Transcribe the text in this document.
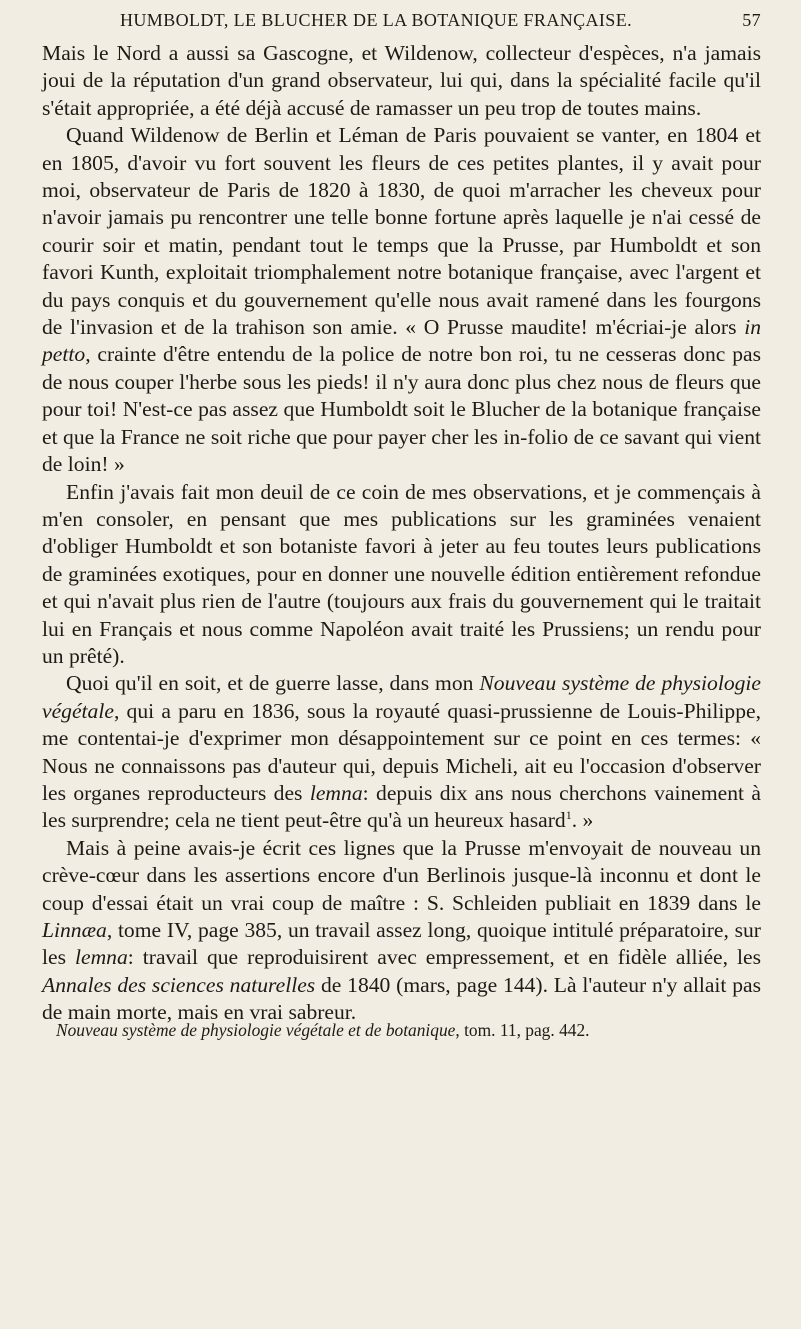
HUMBOLDT, LE BLUCHER DE LA BOTANIQUE FRANÇAISE.	57

Mais le Nord a aussi sa Gascogne, et Wildenow, collecteur d'espèces, n'a jamais joui de la réputation d'un grand observateur, lui qui, dans la spécialité facile qu'il s'était appropriée, a été déjà accusé de ramasser un peu trop de toutes mains.

Quand Wildenow de Berlin et Léman de Paris pouvaient se vanter, en 1804 et en 1805, d'avoir vu fort souvent les fleurs de ces petites plantes, il y avait pour moi, observateur de Paris de 1820 à 1830, de quoi m'arracher les cheveux pour n'avoir jamais pu rencontrer une telle bonne fortune après laquelle je n'ai cessé de courir soir et matin, pendant tout le temps que la Prusse, par Humboldt et son favori Kunth, exploitait triomphalement notre botanique française, avec l'argent et du pays conquis et du gouvernement qu'elle nous avait ramené dans les fourgons de l'invasion et de la trahison son amie. « O Prusse maudite! m'écriai-je alors in petto, crainte d'être entendu de la police de notre bon roi, tu ne cesseras donc pas de nous couper l'herbe sous les pieds! il n'y aura donc plus chez nous de fleurs que pour toi! N'est-ce pas assez que Humboldt soit le Blucher de la botanique française et que la France ne soit riche que pour payer cher les in-folio de ce savant qui vient de loin! »

Enfin j'avais fait mon deuil de ce coin de mes observations, et je commençais à m'en consoler, en pensant que mes publications sur les graminées venaient d'obliger Humboldt et son botaniste favori à jeter au feu toutes leurs publications de graminées exotiques, pour en donner une nouvelle édition entièrement refondue et qui n'avait plus rien de l'autre (toujours aux frais du gouvernement qui le traitait lui en Français et nous comme Napoléon avait traité les Prussiens; un rendu pour un prêté).

Quoi qu'il en soit, et de guerre lasse, dans mon Nouveau système de physiologie végétale, qui a paru en 1836, sous la royauté quasi-prussienne de Louis-Philippe, me contentai-je d'exprimer mon désappointement sur ce point en ces termes: « Nous ne connaissons pas d'auteur qui, depuis Micheli, ait eu l'occasion d'observer les organes reproducteurs des lemna: depuis dix ans nous cherchons vainement à les surprendre; cela ne tient peut-être qu'à un heureux hasard$^1$. »

Mais à peine avais-je écrit ces lignes que la Prusse m'envoyait de nouveau un crève-cœur dans les assertions encore d'un Berlinois jusque-là inconnu et dont le coup d'essai était un vrai coup de maître : S. Schleiden publiait en 1839 dans le Linnæa, tome IV, page 385, un travail assez long, quoique intitulé préparatoire, sur les lemna: travail que reproduisirent avec empressement, et en fidèle alliée, les Annales des sciences naturelles de 1840 (mars, page 144). Là l'auteur n'y allait pas de main morte, mais en vrai sabreur.

Nouveau système de physiologie végétale et de botanique, tom. 11, pag. 442.
